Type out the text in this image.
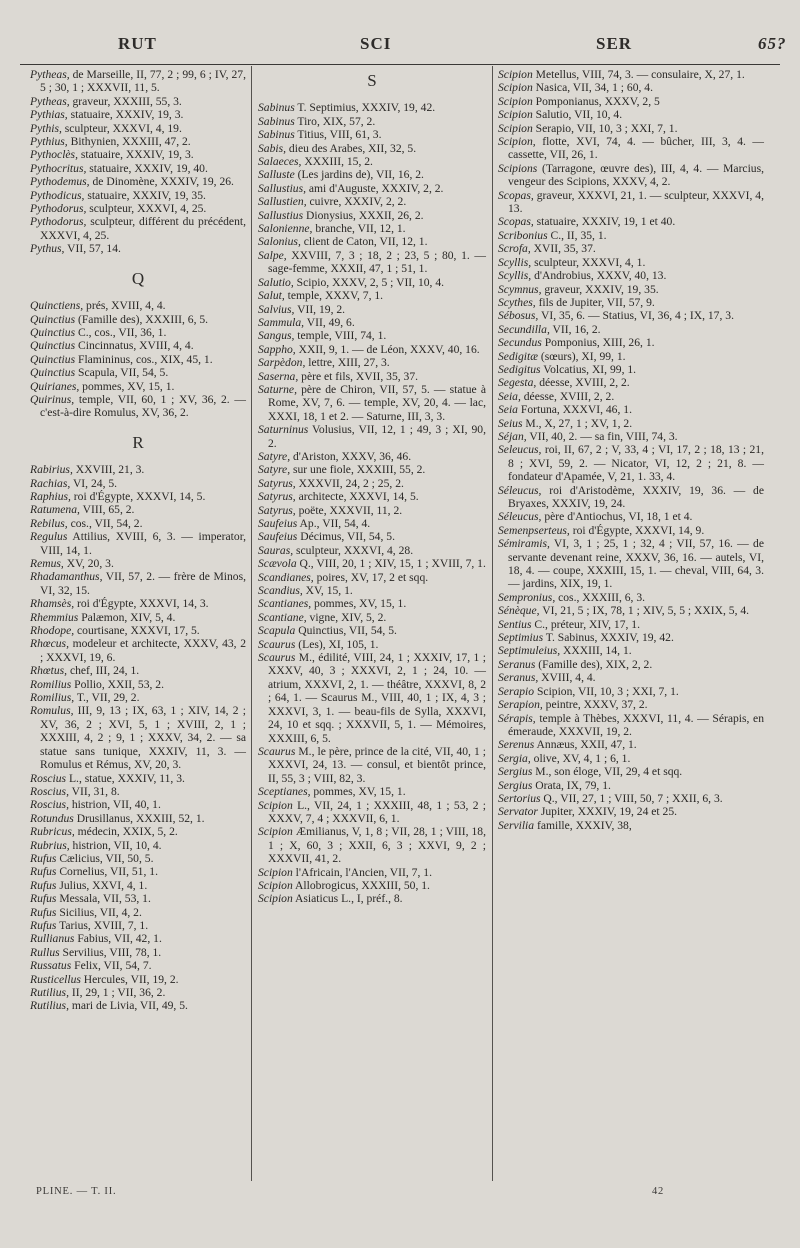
RUT	SCI	SER	65?

Pytheas, de Marseille, II, 77, 2 ; 99, 6 ; IV, 27, 5 ; 30, 1 ; XXXVII, 11, 5.

Pytheas, graveur, XXXIII, 55, 3.

Pythias, statuaire, XXXIV, 19, 3.

Pythis, sculpteur, XXXVI, 4, 19.

Pythius, Bithynien, XXXIII, 47, 2.

Pythoclès, statuaire, XXXIV, 19, 3.

Pythocritus, statuaire, XXXIV, 19, 40.

Pythodemus, de Dinomène, XXXIV, 19, 26.

Pythodicus, statuaire, XXXIV, 19, 35.

Pythodorus, sculpteur, XXXVI, 4, 25.

Pythodorus, sculpteur, différent du précédent, XXXVI, 4, 25.

Pythus, VII, 57, 14.

Q

Quinctiens, prés, XVIII, 4, 4.

Quinctius (Famille des), XXXIII, 6, 5.

Quinctius C., cos., VII, 36, 1.

Quinctius Cincinnatus, XVIII, 4, 4.

Quinctius Flamininus, cos., XIX, 45, 1.

Quinctius Scapula, VII, 54, 5.

Quirianes, pommes, XV, 15, 1.

Quirinus, temple, VII, 60, 1 ; XV, 36, 2. — c'est-à-dire Romulus, XV, 36, 2.

R

Rabirius, XXVIII, 21, 3.

Rachias, VI, 24, 5.

Raphius, roi d'Égypte, XXXVI, 14, 5.

Ratumena, VIII, 65, 2.

Rebilus, cos., VII, 54, 2.

Regulus Attilius, XVIII, 6, 3. — imperator, VIII, 14, 1.

Remus, XV, 20, 3.

Rhadamanthus, VII, 57, 2. — frère de Minos, VI, 32, 15.

Rhamsès, roi d'Égypte, XXXVI, 14, 3.

Rhemmius Palæmon, XIV, 5, 4.

Rhodope, courtisane, XXXVI, 17, 5.

Rhœcus, modeleur et architecte, XXXV, 43, 2 ; XXXVI, 19, 6.

Rhœtus, chef, III, 24, 1.

Romilius Pollio, XXII, 53, 2.

Romilius, T., VII, 29, 2.

Romulus, III, 9, 13 ; IX, 63, 1 ; XIV, 14, 2 ; XV, 36, 2 ; XVI, 5, 1 ; XVIII, 2, 1 ; XXXIII, 4, 2 ; 9, 1 ; XXXV, 34, 2. — sa statue sans tunique, XXXIV, 11, 3. — Romulus et Rémus, XV, 20, 3.

Roscius L., statue, XXXIV, 11, 3.

Roscius, VII, 31, 8.

Roscius, histrion, VII, 40, 1.

Rotundus Drusillanus, XXXIII, 52, 1.

Rubricus, médecin, XXIX, 5, 2.

Rubrius, histrion, VII, 10, 4.

Rufus Cælicius, VII, 50, 5.

Rufus Cornelius, VII, 51, 1.

Rufus Julius, XXVI, 4, 1.

Rufus Messala, VII, 53, 1.

Rufus Sicilius, VII, 4, 2.

Rufus Tarius, XVIII, 7, 1.

Rullianus Fabius, VII, 42, 1.

Rullus Servilius, VIII, 78, 1.

Russatus Felix, VII, 54, 7.

Rusticellus Hercules, VII, 19, 2.

Rutilius, II, 29, 1 ; VII, 36, 2.

Rutilius, mari de Livia, VII, 49, 5.

S

Sabinus T. Septimius, XXXIV, 19, 42.

Sabinus Tiro, XIX, 57, 2.

Sabinus Titius, VIII, 61, 3.

Sabis, dieu des Arabes, XII, 32, 5.

Salaeces, XXXIII, 15, 2.

Salluste (Les jardins de), VII, 16, 2.

Sallustius, ami d'Auguste, XXXIV, 2, 2.

Sallustien, cuivre, XXXIV, 2, 2.

Sallustius Dionysius, XXXII, 26, 2.

Salonienne, branche, VII, 12, 1.

Salonius, client de Caton, VII, 12, 1.

Salpe, XXVIII, 7, 3 ; 18, 2 ; 23, 5 ; 80, 1. — sage-femme, XXXII, 47, 1 ; 51, 1.

Salutio, Scipio, XXXV, 2, 5 ; VII, 10, 4.

Salut, temple, XXXV, 7, 1.

Salvius, VII, 19, 2.

Sammula, VII, 49, 6.

Sangus, temple, VIII, 74, 1.

Sappho, XXII, 9, 1. — de Léon, XXXV, 40, 16.

Sarpèdon, lettre, XIII, 27, 3.

Saserna, père et fils, XVII, 35, 37.

Saturne, père de Chiron, VII, 57, 5. — statue à Rome, XV, 7, 6. — temple, XV, 20, 4. — lac, XXXI, 18, 1 et 2. — Saturne, III, 3, 3.

Saturninus Volusius, VII, 12, 1 ; 49, 3 ; XI, 90, 2.

Satyre, d'Ariston, XXXV, 36, 46.

Satyre, sur une fiole, XXXIII, 55, 2.

Satyrus, XXXVII, 24, 2 ; 25, 2.

Satyrus, architecte, XXXVI, 14, 5.

Satyrus, poëte, XXXVII, 11, 2.

Saufeius Ap., VII, 54, 4.

Saufeius Décimus, VII, 54, 5.

Sauras, sculpteur, XXXVI, 4, 28.

Scævola Q., VIII, 20, 1 ; XIV, 15, 1 ; XVIII, 7, 1.

Scandianes, poires, XV, 17, 2 et sqq.

Scandius, XV, 15, 1.

Scantianes, pommes, XV, 15, 1.

Scantiane, vigne, XIV, 5, 2.

Scapula Quinctius, VII, 54, 5.

Scaurus (Les), XI, 105, 1.

Scaurus M., édilité, VIII, 24, 1 ; XXXIV, 17, 1 ; XXXV, 40, 3 ; XXXVI, 2, 1 ; 24, 10. — atrium, XXXVI, 2, 1. — théâtre, XXXVI, 8, 2 ; 64, 1. — Scaurus M., VIII, 40, 1 ; IX, 4, 3 ; XXXVI, 3, 1. — beau-fils de Sylla, XXXVI, 24, 10 et sqq. ; XXXVII, 5, 1. — Mémoires, XXXIII, 6, 5.

Scaurus M., le père, prince de la cité, VII, 40, 1 ; XXXVI, 24, 13. — consul, et bientôt prince, II, 55, 3 ; VIII, 82, 3.

Sceptianes, pommes, XV, 15, 1.

Scipion L., VII, 24, 1 ; XXXIII, 48, 1 ; 53, 2 ; XXXV, 7, 4 ; XXXVII, 6, 1.

Scipion Æmilianus, V, 1, 8 ; VII, 28, 1 ; VIII, 18, 1 ; X, 60, 3 ; XXII, 6, 3 ; XXVI, 9, 2 ; XXXVII, 41, 2.

Scipion l'Africain, l'Ancien, VII, 7, 1.

Scipion Allobrogicus, XXXIII, 50, 1.

Scipion Asiaticus L., I, préf., 8.

Scipion Metellus, VIII, 74, 3. — consulaire, X, 27, 1.

Scipion Nasica, VII, 34, 1 ; 60, 4.

Scipion Pomponianus, XXXV, 2, 5

Scipion Salutio, VII, 10, 4.

Scipion Serapio, VII, 10, 3 ; XXI, 7, 1.

Scipion, flotte, XVI, 74, 4. — bûcher, III, 3, 4. — cassette, VII, 26, 1.

Scipions (Tarragone, œuvre des), III, 4, 4. — Marcius, vengeur des Scipions, XXXV, 4, 2.

Scopas, graveur, XXXVI, 21, 1. — sculpteur, XXXVI, 4, 13.

Scopas, statuaire, XXXIV, 19, 1 et 40.

Scribonius C., II, 35, 1.

Scrofa, XVII, 35, 37.

Scyllis, sculpteur, XXXVI, 4, 1.

Scyllis, d'Androbius, XXXV, 40, 13.

Scymnus, graveur, XXXIV, 19, 35.

Scythes, fils de Jupiter, VII, 57, 9.

Sébosus, VI, 35, 6. — Statius, VI, 36, 4 ; IX, 17, 3.

Secundilla, VII, 16, 2.

Secundus Pomponius, XIII, 26, 1.

Sedigitæ (sœurs), XI, 99, 1.

Sedigitus Volcatius, XI, 99, 1.

Segesta, déesse, XVIII, 2, 2.

Seia, déesse, XVIII, 2, 2.

Seia Fortuna, XXXVI, 46, 1.

Seius M., X, 27, 1 ; XV, 1, 2.

Séjan, VII, 40, 2. — sa fin, VIII, 74, 3.

Seleucus, roi, II, 67, 2 ; V, 33, 4 ; VI, 17, 2 ; 18, 13 ; 21, 8 ; XVI, 59, 2. — Nicator, VI, 12, 2 ; 21, 8. — fondateur d'Apamée, V, 21, 1. 33, 4.

Séleucus, roi d'Aristodème, XXXIV, 19, 36. — de Bryaxes, XXXIV, 19, 24.

Séleucus, père d'Antiochus, VI, 18, 1 et 4.

Semenpserteus, roi d'Égypte, XXXVI, 14, 9.

Sémiramis, VI, 3, 1 ; 25, 1 ; 32, 4 ; VII, 57, 16. — de servante devenant reine, XXXV, 36, 16. — autels, VI, 18, 4. — coupe, XXXIII, 15, 1. — cheval, VIII, 64, 3. — jardins, XIX, 19, 1.

Sempronius, cos., XXXIII, 6, 3.

Sénèque, VI, 21, 5 ; IX, 78, 1 ; XIV, 5, 5 ; XXIX, 5, 4.

Sentius C., préteur, XIV, 17, 1.

Septimius T. Sabinus, XXXIV, 19, 42.

Septimuleius, XXXIII, 14, 1.

Seranus (Famille des), XIX, 2, 2.

Seranus, XVIII, 4, 4.

Serapio Scipion, VII, 10, 3 ; XXI, 7, 1.

Serapion, peintre, XXXV, 37, 2.

Sérapis, temple à Thèbes, XXXVI, 11, 4. — Sérapis, en émeraude, XXXVII, 19, 2.

Serenus Annæus, XXII, 47, 1.

Sergia, olive, XV, 4, 1 ; 6, 1.

Sergius M., son éloge, VII, 29, 4 et sqq.

Sergius Orata, IX, 79, 1.

Sertorius Q., VII, 27, 1 ; VIII, 50, 7 ; XXII, 6, 3.

Servator Jupiter, XXXIV, 19, 24 et 25.

Servilia famille, XXXIV, 38,

PLINE. — T. II.	42
